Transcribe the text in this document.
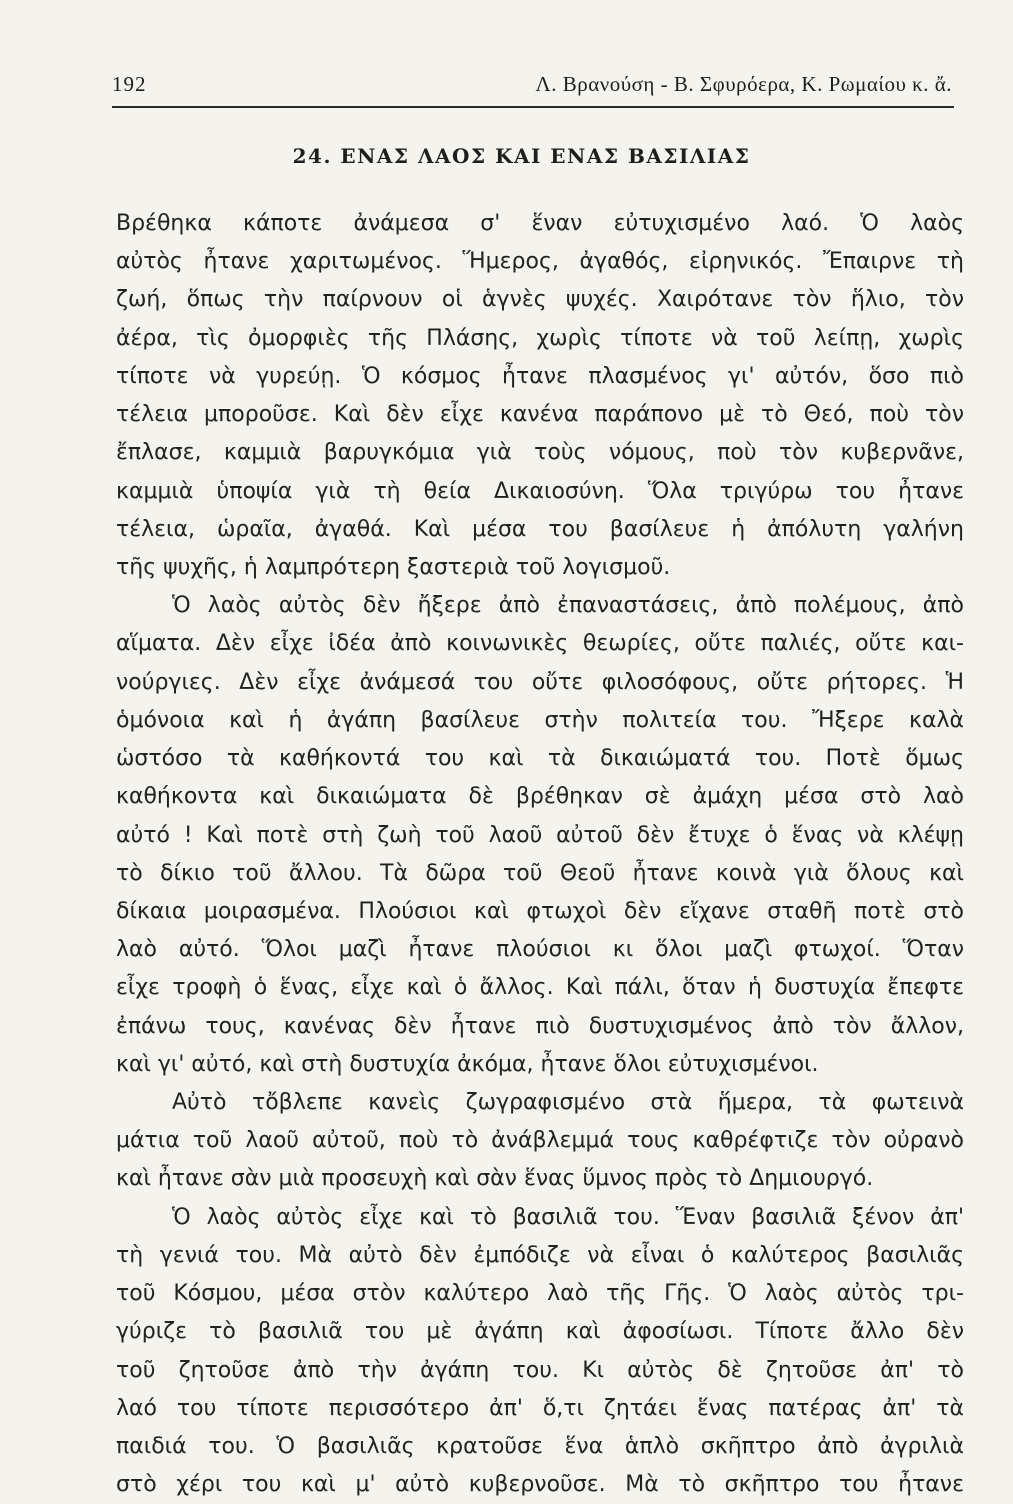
192	Λ. Βρανούση - Β. Σφυρόερα, Κ. Ρωμαίου κ. ἄ.
24. ΕΝΑΣ ΛΑΟΣ ΚΑΙ ΕΝΑΣ ΒΑΣΙΛΙΑΣ
Βρέθηκα κάποτε ἀνάμεσα σ' ἕναν εὐτυχισμένο λαό. Ὁ λαὸς
αὐτὸς ἦτανε χαριτωμένος. Ἥμερος, ἀγαθός, εἰρηνικός. Ἔπαιρνε τὴ
ζωή, ὅπως τὴν παίρνουν οἱ ἁγνὲς ψυχές. Χαιρότανε τὸν ἥλιο, τὸν
ἀέρα, τὶς ὀμορφιὲς τῆς Πλάσης, χωρὶς τίποτε νὰ τοῦ λείπῃ, χωρὶς
τίποτε νὰ γυρεύῃ. Ὁ κόσμος ἦτανε πλασμένος γι' αὐτόν, ὅσο πιὸ
τέλεια μποροῦσε. Καὶ δὲν εἶχε κανένα παράπονο μὲ τὸ Θεό, ποὺ τὸν
ἔπλασε, καμμιὰ βαρυγκόμια γιὰ τοὺς νόμους, ποὺ τὸν κυβερνᾶνε,
καμμιὰ ὑποψία γιὰ τὴ θεία Δικαιοσύνη. Ὅλα τριγύρω του ἦτανε
τέλεια, ὡραῖα, ἀγαθά. Καὶ μέσα του βασίλευε ἡ ἀπόλυτη γαλήνη
τῆς ψυχῆς, ἡ λαμπρότερη ξαστεριὰ τοῦ λογισμοῦ.
Ὁ λαὸς αὐτὸς δὲν ἤξερε ἀπὸ ἐπαναστάσεις, ἀπὸ πολέμους, ἀπὸ
αἵματα. Δὲν εἶχε ἰδέα ἀπὸ κοινωνικὲς θεωρίες, οὔτε παλιές, οὔτε και-
νούργιες. Δὲν εἶχε ἀνάμεσά του οὔτε φιλοσόφους, οὔτε ρήτορες. Ἡ
ὁμόνοια καὶ ἡ ἀγάπη βασίλευε στὴν πολιτεία του. Ἤξερε καλὰ
ὡστόσο τὰ καθήκοντά του καὶ τὰ δικαιώματά του. Ποτὲ ὅμως
καθήκοντα καὶ δικαιώματα δὲ βρέθηκαν σὲ ἀμάχη μέσα στὸ λαὸ
αὐτό ! Καὶ ποτὲ στὴ ζωὴ τοῦ λαοῦ αὐτοῦ δὲν ἔτυχε ὁ ἕνας νὰ κλέψῃ
τὸ δίκιο τοῦ ἄλλου. Τὰ δῶρα τοῦ Θεοῦ ἦτανε κοινὰ γιὰ ὅλους καὶ
δίκαια μοιρασμένα. Πλούσιοι καὶ φτωχοὶ δὲν εἴχανε σταθῆ ποτὲ στὸ
λαὸ αὐτό. Ὅλοι μαζὶ ἦτανε πλούσιοι κι ὅλοι μαζὶ φτωχοί. Ὅταν
εἶχε τροφὴ ὁ ἕνας, εἶχε καὶ ὁ ἄλλος. Καὶ πάλι, ὅταν ἡ δυστυχία ἔπεφτε
ἐπάνω τους, κανένας δὲν ἦτανε πιὸ δυστυχισμένος ἀπὸ τὸν ἄλλον,
καὶ γι' αὐτό, καὶ στὴ δυστυχία ἀκόμα, ἦτανε ὅλοι εὐτυχισμένοι.
Αὐτὸ τὄβλεπε κανεὶς ζωγραφισμένο στὰ ἥμερα, τὰ φωτεινὰ
μάτια τοῦ λαοῦ αὐτοῦ, ποὺ τὸ ἀνάβλεμμά τους καθρέφτιζε τὸν οὐρανὸ
καὶ ἦτανε σὰν μιὰ προσευχὴ καὶ σὰν ἕνας ὕμνος πρὸς τὸ Δημιουργό.
Ὁ λαὸς αὐτὸς εἶχε καὶ τὸ βασιλιᾶ του. Ἕναν βασιλιᾶ ξένον ἀπ'
τὴ γενιά του. Μὰ αὐτὸ δὲν ἐμπόδιζε νὰ εἶναι ὁ καλύτερος βασιλιᾶς
τοῦ Κόσμου, μέσα στὸν καλύτερο λαὸ τῆς Γῆς. Ὁ λαὸς αὐτὸς τρι-
γύριζε τὸ βασιλιᾶ του μὲ ἀγάπη καὶ ἀφοσίωσι. Τίποτε ἄλλο δὲν
τοῦ ζητοῦσε ἀπὸ τὴν ἀγάπη του. Κι αὐτὸς δὲ ζητοῦσε ἀπ' τὸ
λαό του τίποτε περισσότερο ἀπ' ὅ,τι ζητάει ἕνας πατέρας ἀπ' τὰ
παιδιά του. Ὁ βασιλιᾶς κρατοῦσε ἕνα ἁπλὸ σκῆπτρο ἀπὸ ἀγριλιὰ
στὸ χέρι του καὶ μ' αὐτὸ κυβερνοῦσε. Μὰ τὸ σκῆπτρο του ἦτανε
